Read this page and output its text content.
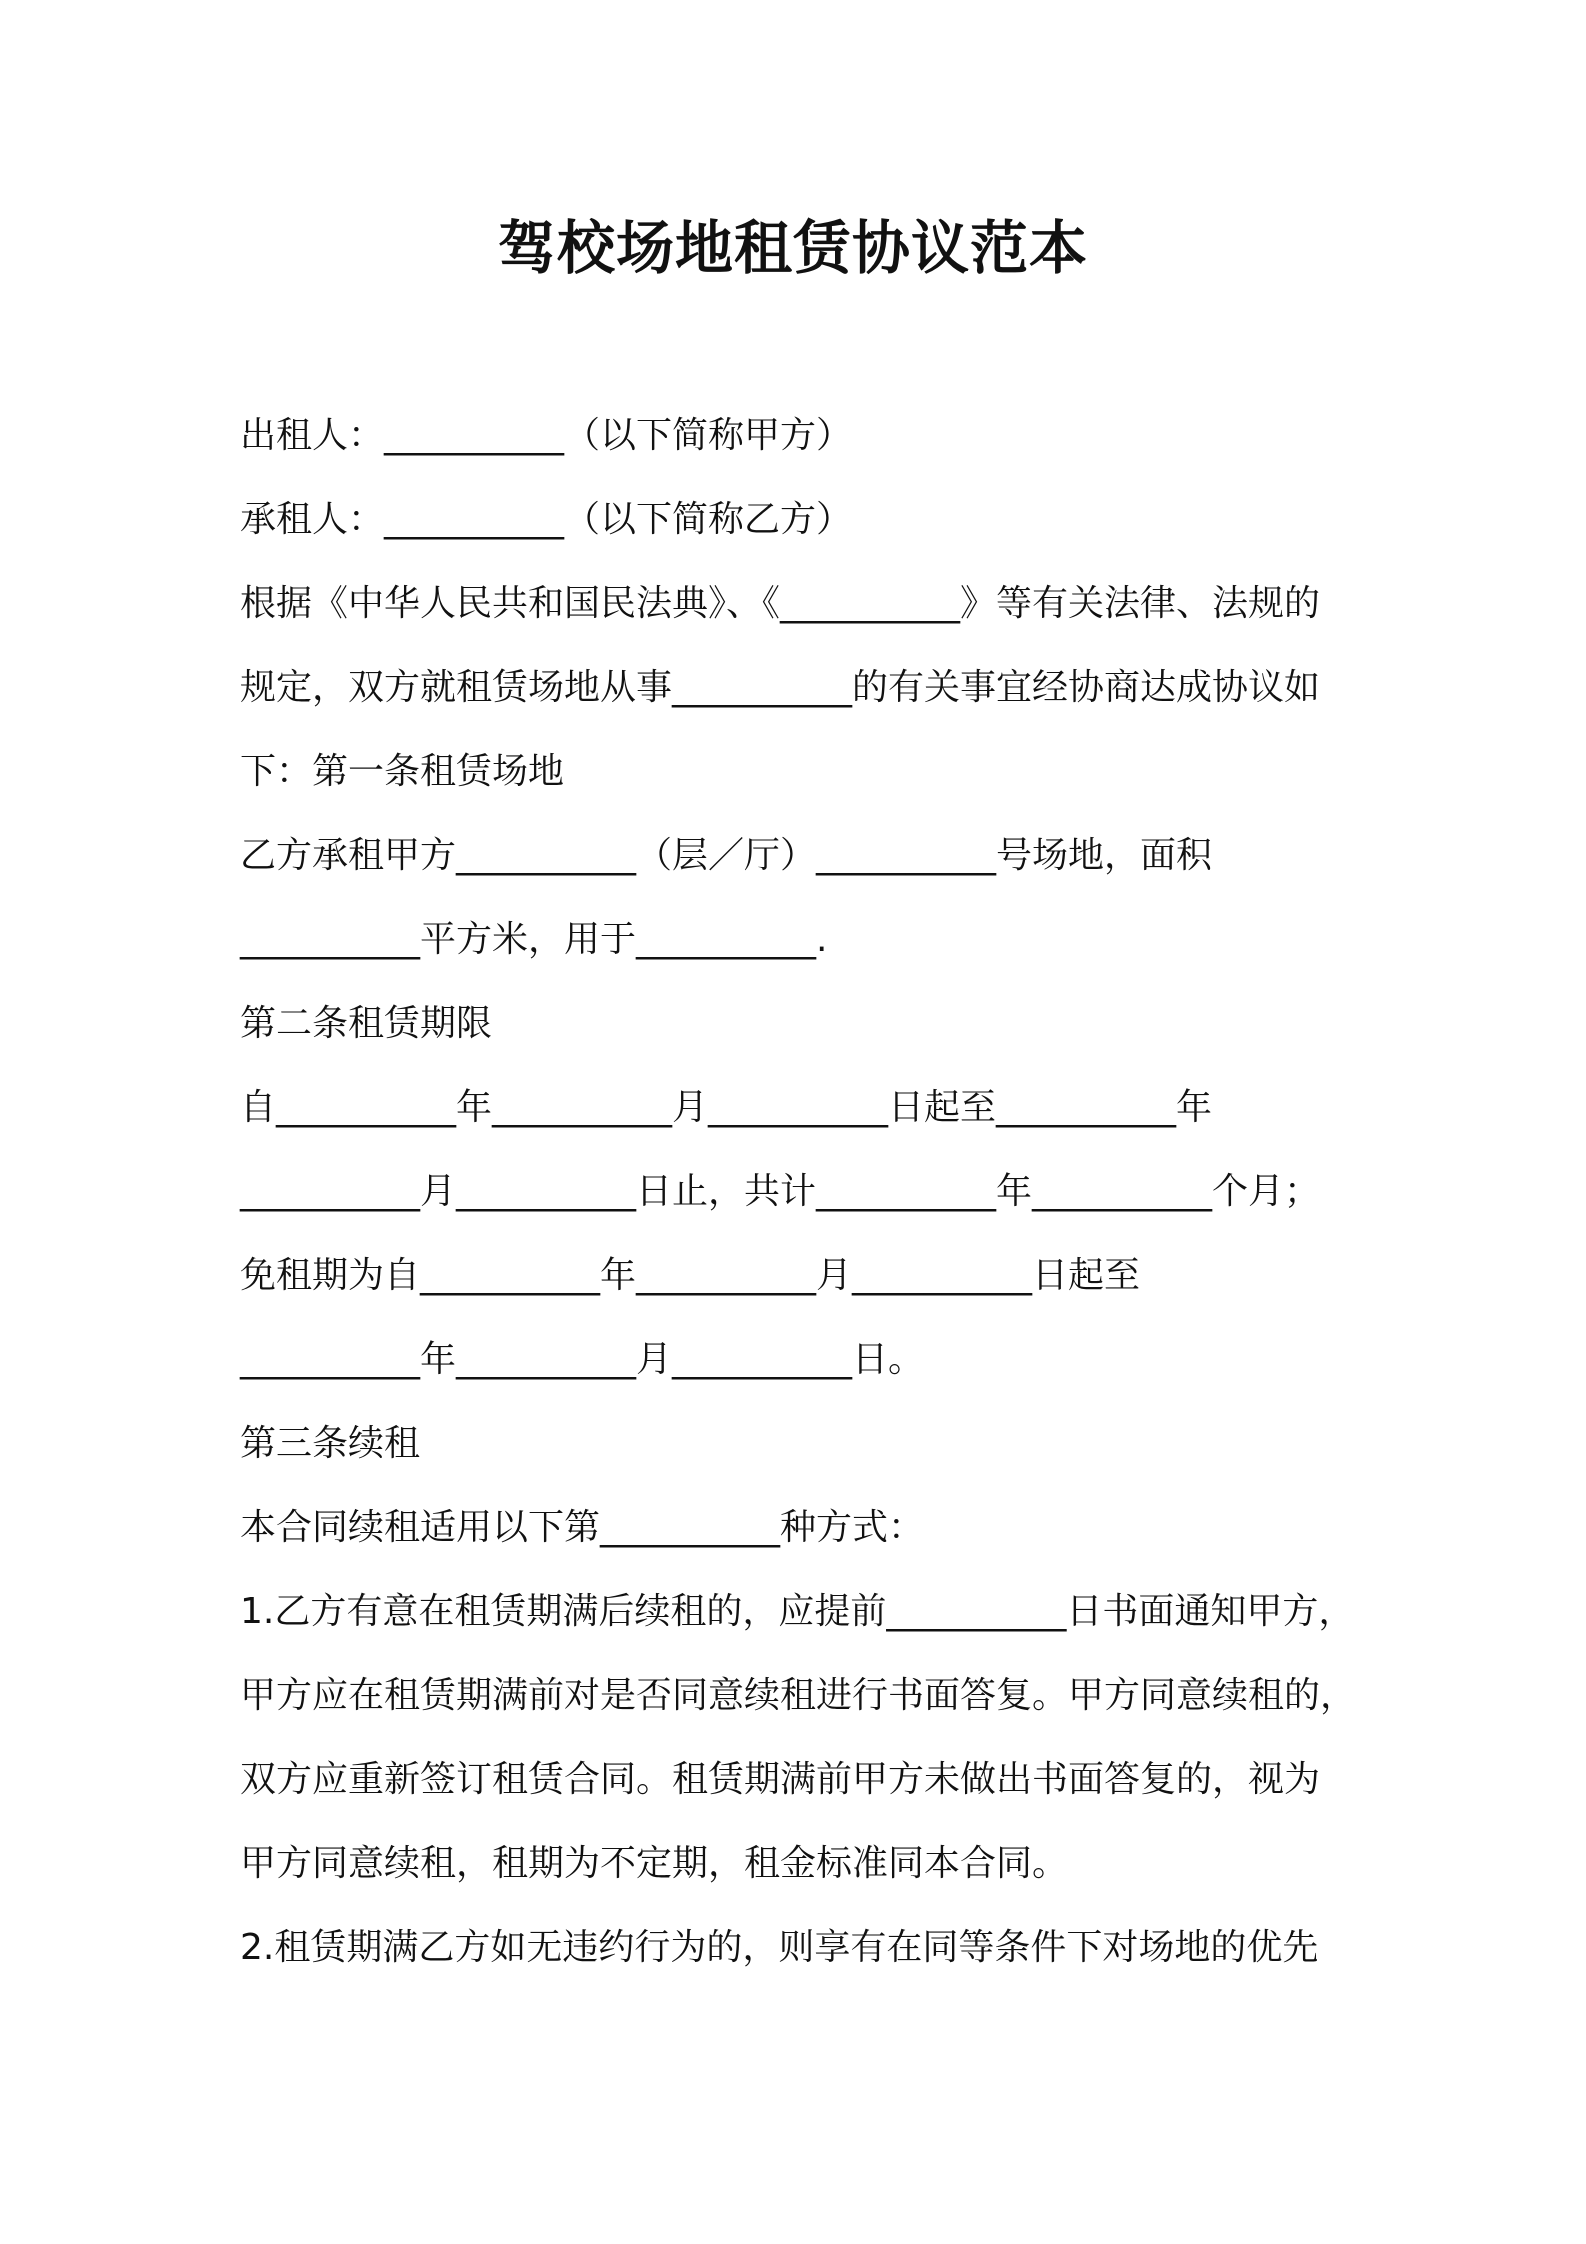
驾校场地租赁协议范本
出租人：__________（以下简称甲方）
承租人：__________（以下简称乙方）
根据《中华人民共和国民法典》、《__________》等有关法律、法规的
规定，双方就租赁场地从事__________的有关事宜经协商达成协议如
下：第一条租赁场地
乙方承租甲方__________（层／厅）__________号场地，面积
__________平方米，用于__________.
第二条租赁期限
自__________年__________月__________日起至__________年
__________月__________日止，共计__________年__________个月；
免租期为自__________年__________月__________日起至
__________年__________月__________日。
第三条续租
本合同续租适用以下第__________种方式：
1.乙方有意在租赁期满后续租的，应提前__________日书面通知甲方，
甲方应在租赁期满前对是否同意续租进行书面答复。甲方同意续租的，
双方应重新签订租赁合同。租赁期满前甲方未做出书面答复的，视为
甲方同意续租，租期为不定期，租金标准同本合同。
2.租赁期满乙方如无违约行为的，则享有在同等条件下对场地的优先
